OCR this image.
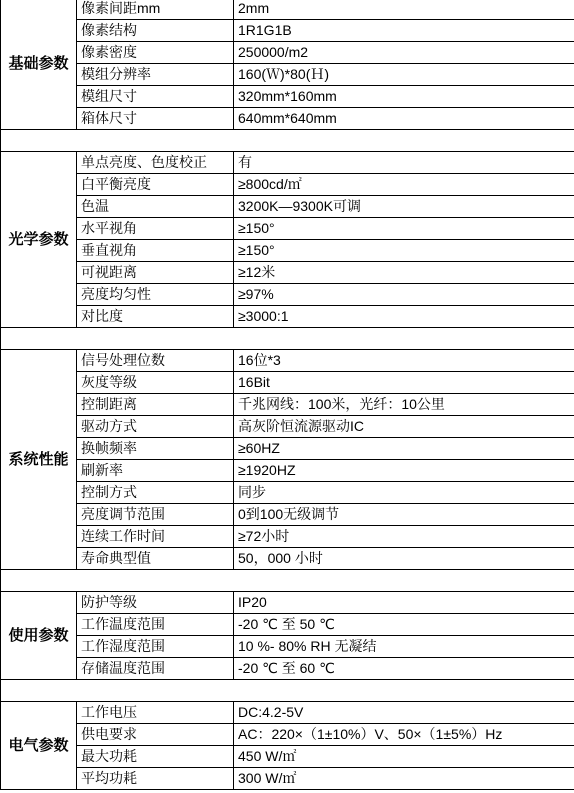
基础参数	像素间距mm	2mm
	像素结构	1R1G1B
	像素密度	250000/m2
	模组分辨率	160(Ｗ)*80(Ｈ)
	模组尺寸	320mm*160mm
	箱体尺寸	640mm*640mm

光学参数	单点亮度、色度校正	有
	白平衡亮度	≥800cd/㎡
	色温	3200K—9300K可调
	水平视角	≥150°
	垂直视角	≥150°
	可视距离	≥12米
	亮度均匀性	≥97%
	对比度	≥3000:1

系统性能	信号处理位数	16位*3
	灰度等级	16Bit
	控制距离	千兆网线：100米，光纤：10公里
	驱动方式	高灰阶恒流源驱动IC
	换帧频率	≥60HZ
	刷新率	≥1920HZ
	控制方式	同步
	亮度调节范围	0到100无级调节
	连续工作时间	≥72小时
	寿命典型值	50，000 小时

使用参数	防护等级	IP20
	工作温度范围	-20 ℃ 至 50 ℃
	工作湿度范围	10 %- 80% RH 无凝结
	存储温度范围	-20 ℃ 至 60 ℃

电气参数	工作电压	DC:4.2-5V
	供电要求	AC：220×（1±10%）V、50×（1±5%）Hz
	最大功耗	450 W/㎡
	平均功耗	300 W/㎡
